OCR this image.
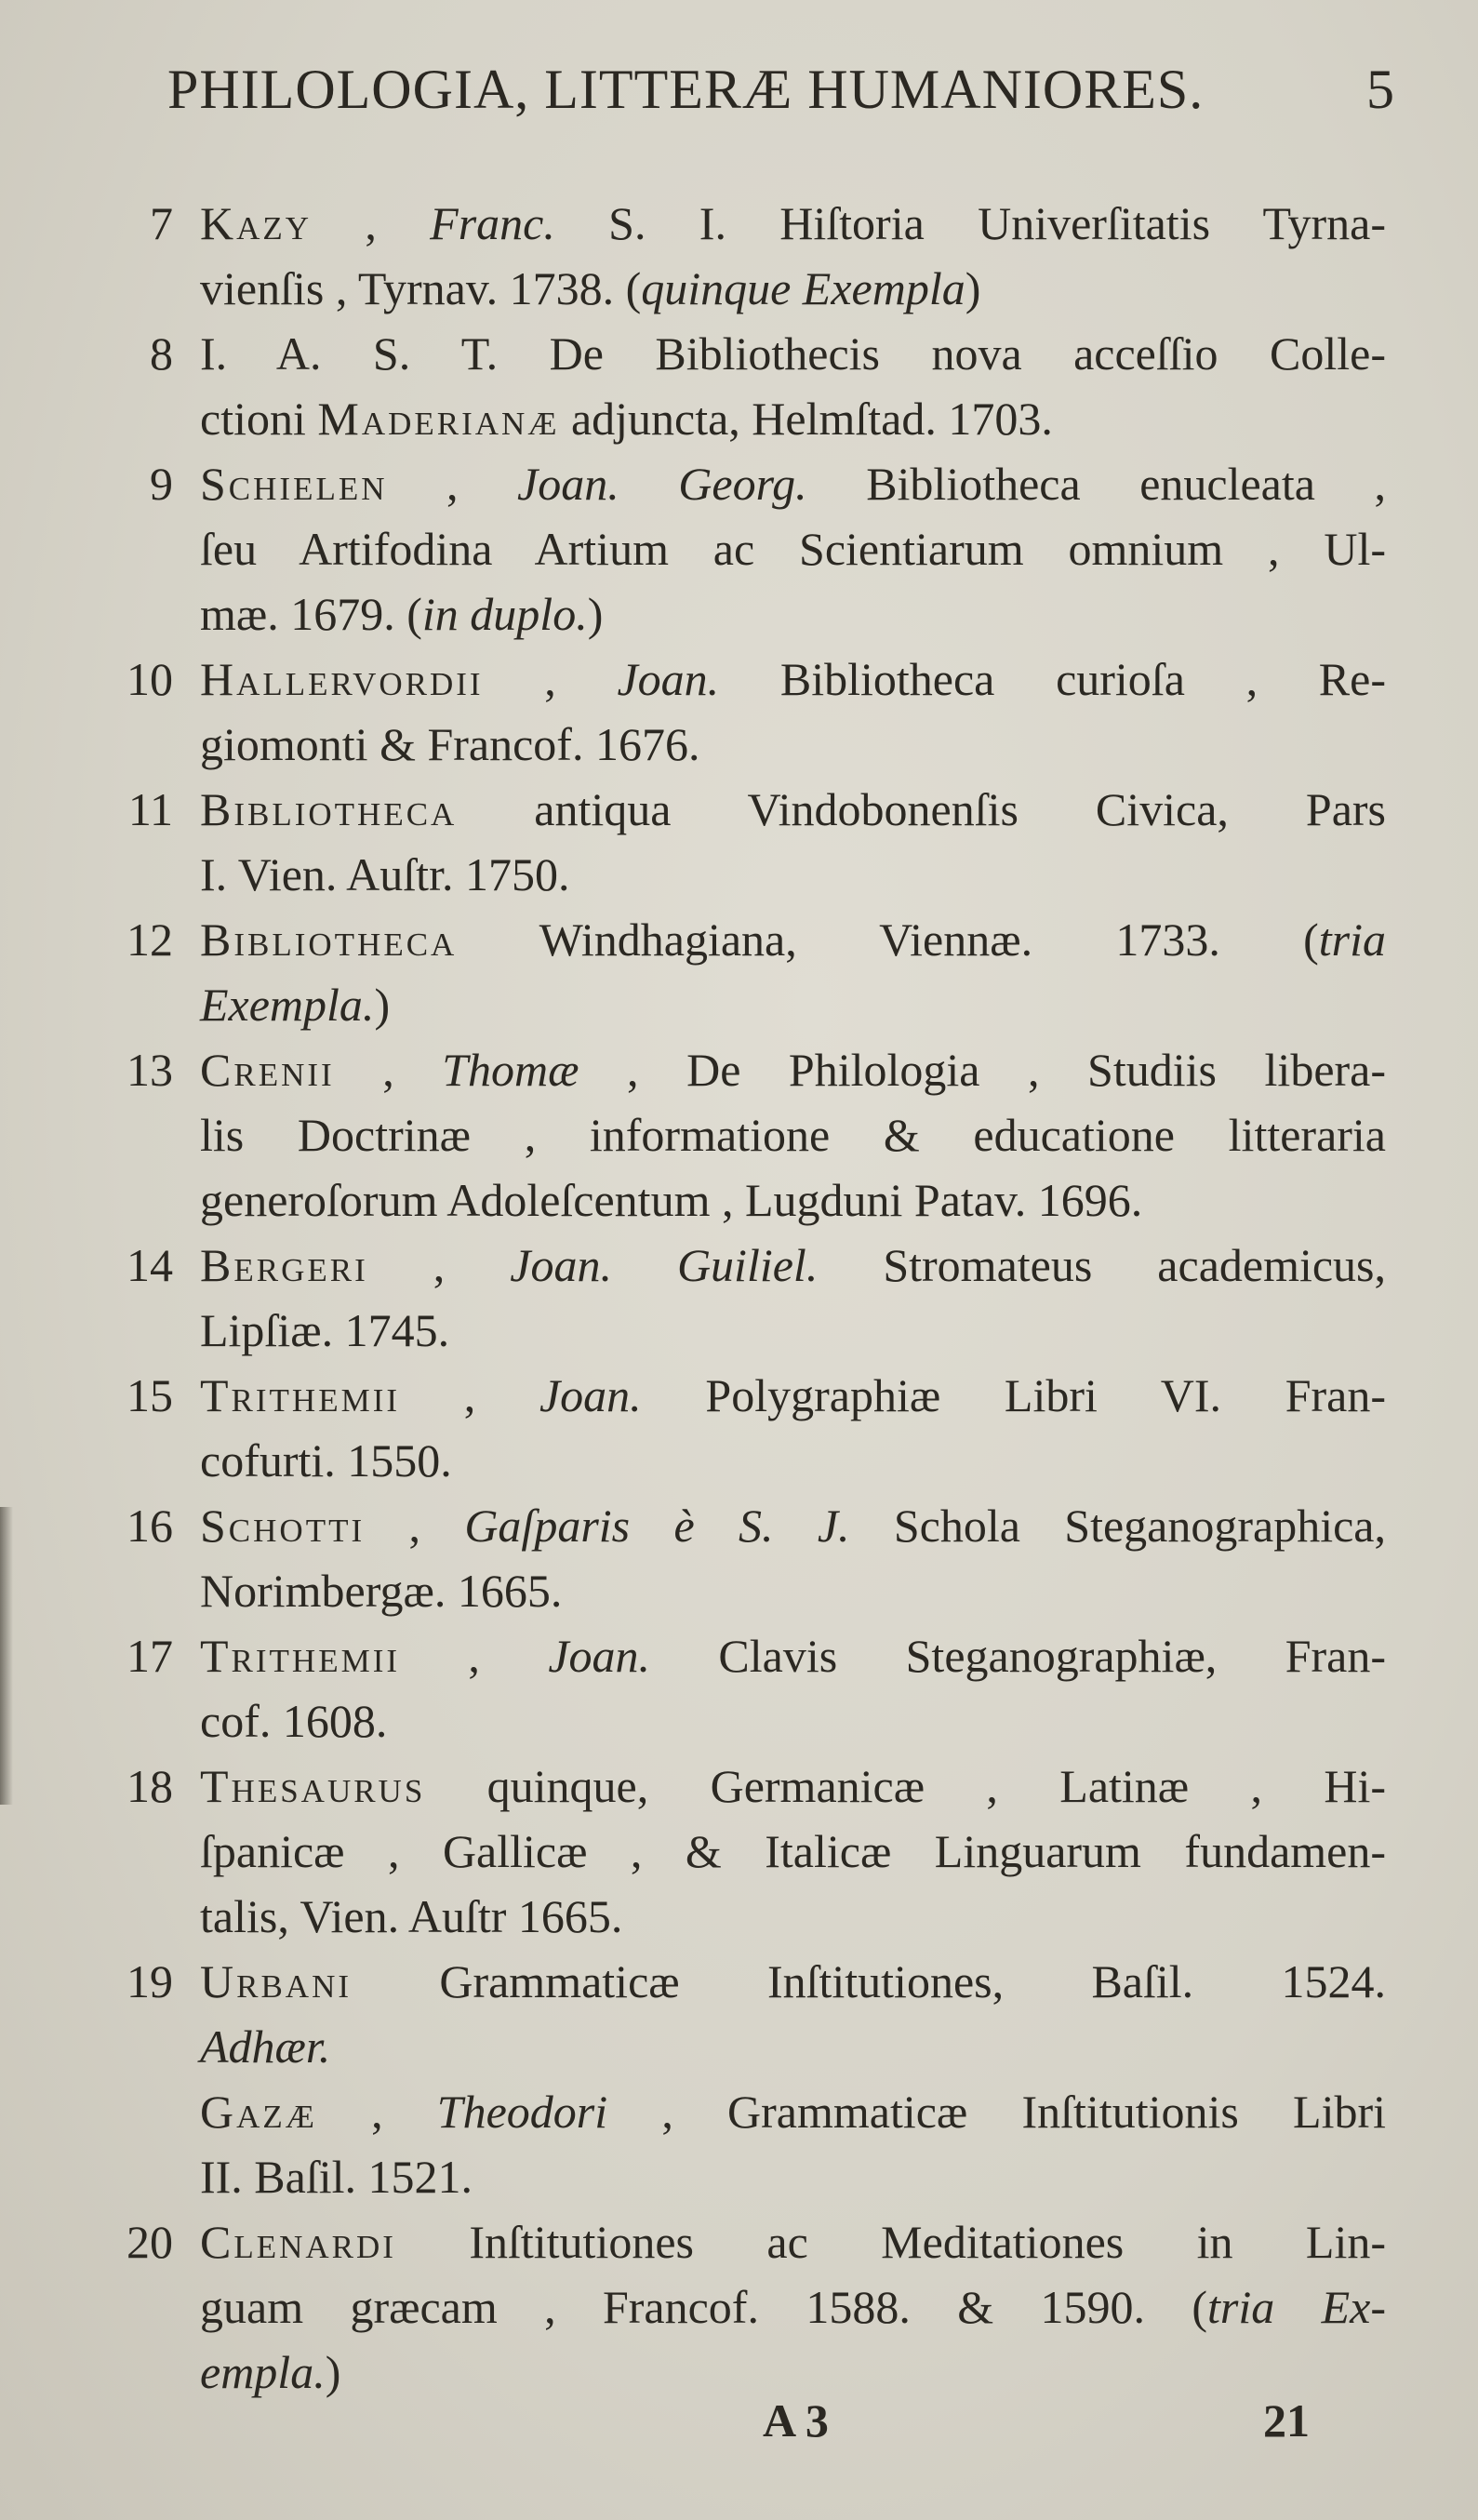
PHILOLOGIA, LITTERÆ HUMANIORES.	5
7 Kazy , Franc. S. I. Hiſtoria Univerſitatis Tyrna-
vienſis , Tyrnav. 1738. (quinque Exempla)
8 I. A. S. T. De Bibliothecis nova acceſſio Colle-
ctioni Maderianæ adjuncta, Helmſtad. 1703.
9 Schielen , Joan. Georg. Bibliotheca enucleata ,
ſeu Artifodina Artium ac Scientiarum omnium , Ul-
mæ. 1679. (in duplo.)
10 Hallervordii , Joan. Bibliotheca curioſa , Re-
giomonti & Francof. 1676.
11 Bibliotheca antiqua Vindobonenſis Civica, Pars
I. Vien. Auſtr. 1750.
12 Bibliotheca Windhagiana, Viennæ. 1733. (tria
Exempla.)
13 Crenii , Thomæ , De Philologia , Studiis libera-
lis Doctrinæ , informatione & educatione litteraria
generoſorum Adoleſcentum , Lugduni Patav. 1696.
14 Bergeri , Joan. Guiliel. Stromateus academicus,
Lipſiæ. 1745.
15 Trithemii , Joan. Polygraphiæ Libri VI. Fran-
cofurti. 1550.
16 Schotti , Gaſparis è S. J. Schola Steganographica,
Norimbergæ. 1665.
17 Trithemii , Joan. Clavis Steganographiæ, Fran-
cof. 1608.
18 Thesaurus quinque, Germanicæ , Latinæ , Hi-
ſpanicæ , Gallicæ , & Italicæ Linguarum fundamen-
talis, Vien. Auſtr 1665.
19 Urbani Grammaticæ Inſtitutiones, Baſil. 1524.
Adhær.
Gazæ , Theodori , Grammaticæ Inſtitutionis Libri
II. Baſil. 1521.
20 Clenardi Inſtitutiones ac Meditationes in Lin-
guam græcam , Francof. 1588. & 1590. (tria Ex-
empla.)
A 3	21
